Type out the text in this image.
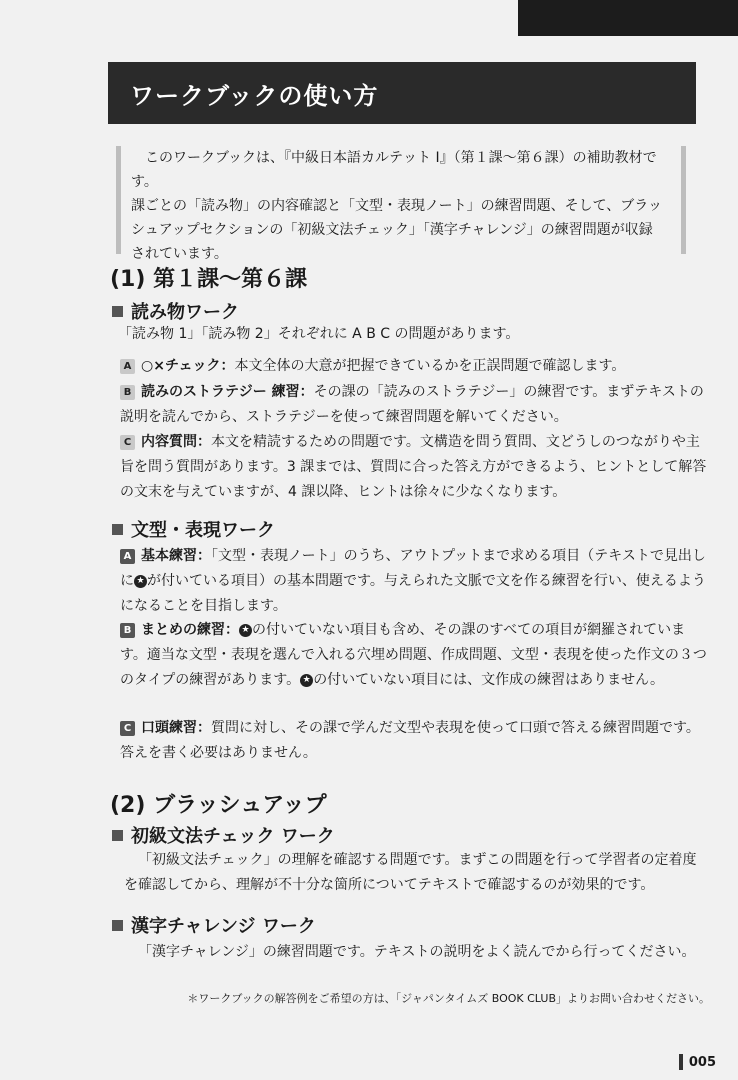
ワークブックの使い方

このワークブックは、『中級日本語カルテット I』（第１課〜第６課）の補助教材です。

課ごとの「読み物」の内容確認と「文型・表現ノート」の練習問題、そして、ブラッ

シュアップセクションの「初級文法チェック」「漢字チャレンジ」の練習問題が収録

されています。

(1) 第１課〜第６課
読み物ワーク

「読み物 1」「読み物 2」それぞれに A B C の問題があります。

A ○×チェック：本文全体の大意が把握できているかを正誤問題で確認します。
B 読みのストラテジー 練習：その課の「読みのストラテジー」の練習です。まずテキストの説明を読んでから、ストラテジーを使って練習問題を解いてください。
C 内容質問：本文を精読するための問題です。文構造を問う質問、文どうしのつながりや主旨を問う質問があります。3 課までは、質問に合った答え方ができるよう、ヒントとして解答の文末を与えていますが、4 課以降、ヒントは徐々に少なくなります。
文型・表現ワーク
A 基本練習：「文型・表現ノート」のうち、アウトプットまで求める項目（テキストで見出しに ★ が付いている項目）の基本問題です。与えられた文脈で文を作る練習を行い、使えるようになることを目指します。
B まとめの練習： ★ の付いていない項目も含め、その課のすべての項目が網羅されています。適当な文型・表現を選んで入れる穴埋め問題、作成問題、文型・表現を使った作文の３つのタイプの練習があります。 ★ の付いていない項目には、文作成の練習はありません。
C 口頭練習：質問に対し、その課で学んだ文型や表現を使って口頭で答える練習問題です。答えを書く必要はありません。
(2) ブラッシュアップ
初級文法チェック ワーク

「初級文法チェック」の理解を確認する問題です。まずこの問題を行って学習者の定着度を確認してから、理解が不十分な箇所についてテキストで確認するのが効果的です。

漢字チャレンジ ワーク

「漢字チャレンジ」の練習問題です。テキストの説明をよく読んでから行ってください。

＊ワークブックの解答例をご希望の方は、「ジャパンタイムズ BOOK CLUB」よりお問い合わせください。
005
